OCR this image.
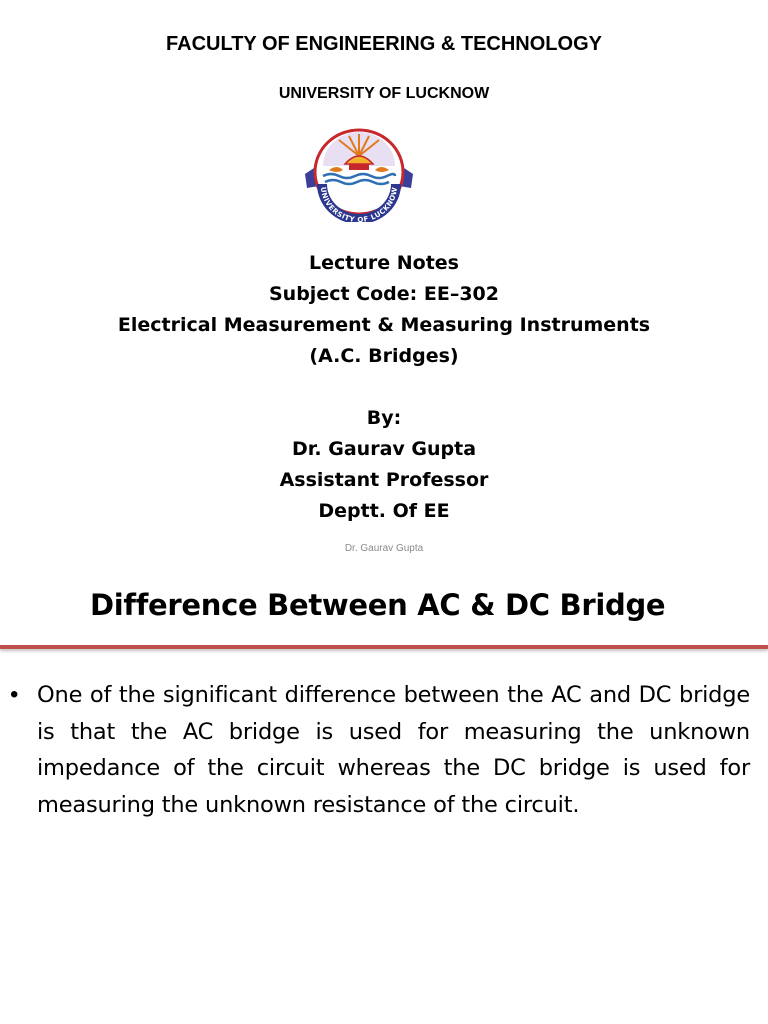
FACULTY OF ENGINEERING & TECHNOLOGY
UNIVERSITY OF LUCKNOW
UNIVERSITY OF LUCKNOW
Lecture Notes
Subject Code: EE–302
Electrical Measurement & Measuring Instruments
(A.C. Bridges)
By:
Dr. Gaurav Gupta
Assistant Professor
Deptt. Of EE
Dr. Gaurav Gupta
Difference Between AC & DC Bridge
• One of the significant difference between the AC and DC bridge is that the AC bridge is used for measuring the unknown impedance of the circuit whereas the DC bridge is used for measuring the unknown resistance of the circuit.
